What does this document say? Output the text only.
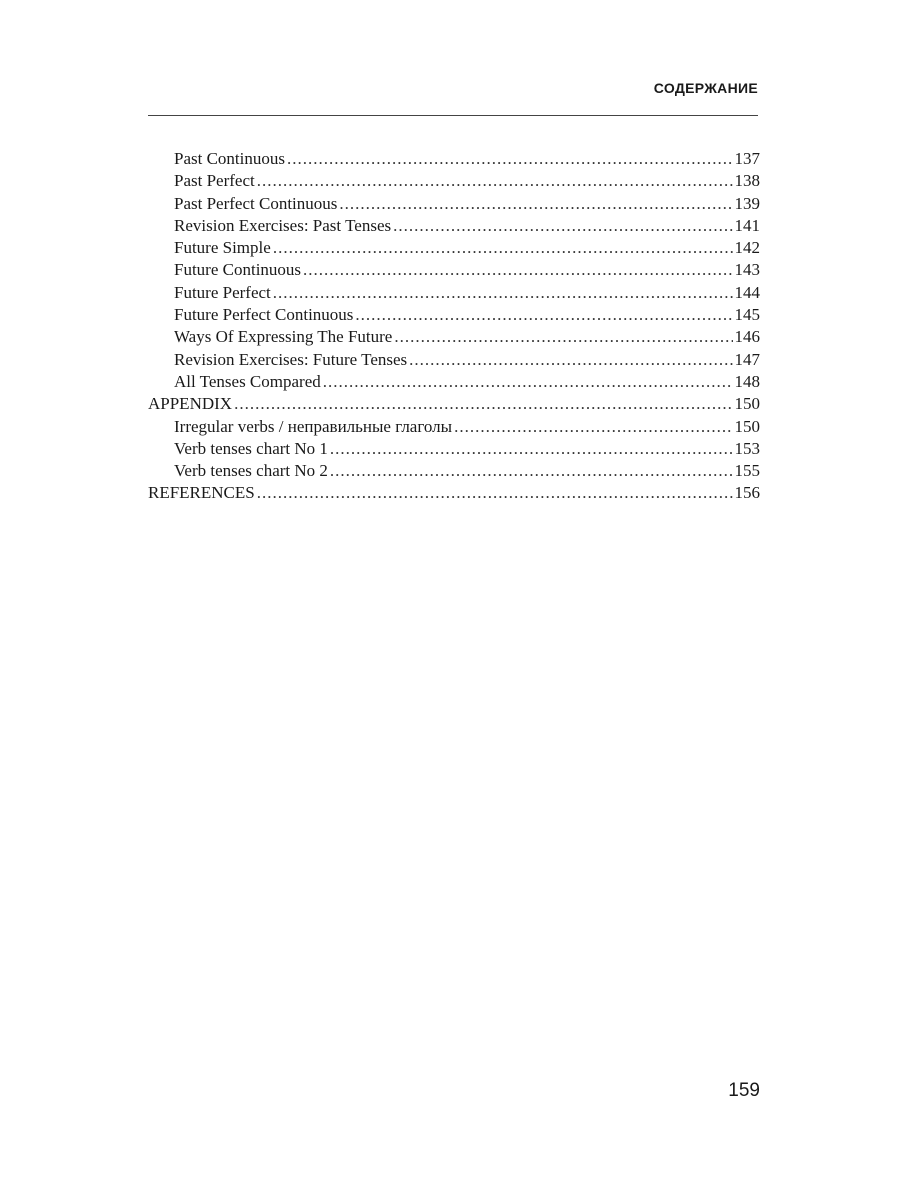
СОДЕРЖАНИЕ
Past Continuous .....	137
Past Perfect .....	138
Past Perfect Continuous .....	139
Revision Exercises: Past Tenses .....	141
Future Simple .....	142
Future Continuous .....	143
Future Perfect .....	144
Future Perfect Continuous .....	145
Ways Of Expressing The Future .....	146
Revision Exercises: Future Tenses .....	147
All Tenses Compared .....	148
APPENDIX .....	150
Irregular verbs / неправильные глаголы .....	150
Verb tenses chart No 1 .....	153
Verb tenses chart No 2 .....	155
REFERENCES .....	156
159
